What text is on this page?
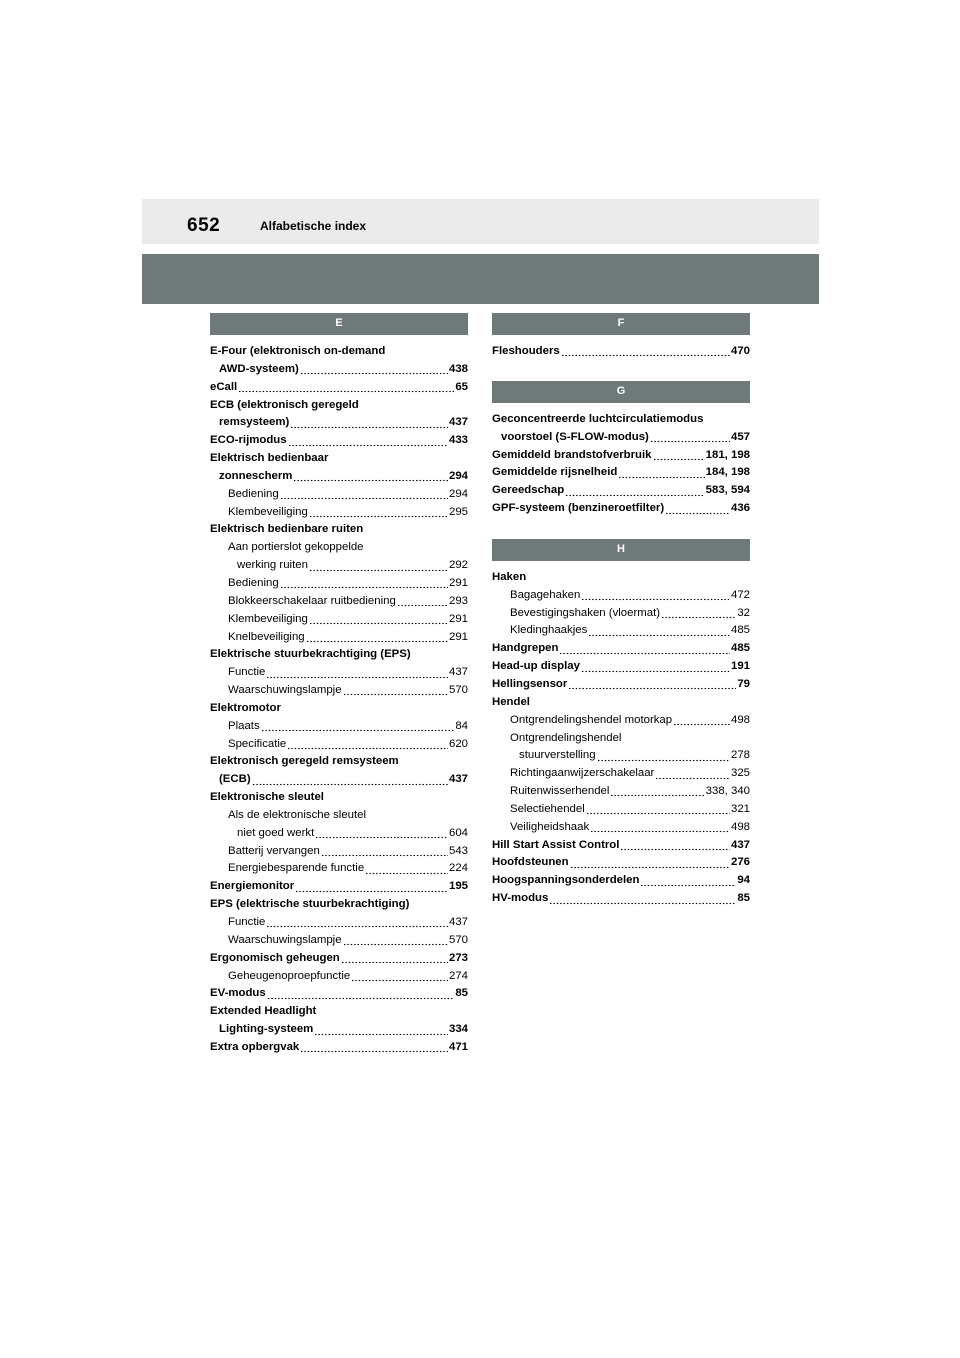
652	Alfabetische index
E
E-Four (elektronisch on-demand
AWD-systeem)	438
eCall	65
ECB (elektronisch geregeld
remsysteem)	437
ECO-rijmodus	433
Elektrisch bedienbaar
zonnescherm	294
Bediening	294
Klembeveiliging	295
Elektrisch bedienbare ruiten
Aan portierslot gekoppelde
werking ruiten	292
Bediening	291
Blokkeerschakelaar ruitbediening	293
Klembeveiliging	291
Knelbeveiliging	291
Elektrische stuurbekrachtiging (EPS)
Functie	437
Waarschuwingslampje	570
Elektromotor
Plaats	84
Specificatie	620
Elektronisch geregeld remsysteem
(ECB)	437
Elektronische sleutel
Als de elektronische sleutel
niet goed werkt	604
Batterij vervangen	543
Energiebesparende functie	224
Energiemonitor	195
EPS (elektrische stuurbekrachtiging)
Functie	437
Waarschuwingslampje	570
Ergonomisch geheugen	273
Geheugenoproepfunctie	274
EV-modus	85
Extended Headlight
Lighting-systeem	334
Extra opbergvak	471
F
Fleshouders	470
G
Geconcentreerde luchtcirculatiemodus
voorstoel (S-FLOW-modus)	457
Gemiddeld brandstofverbruik	181, 198
Gemiddelde rijsnelheid	184, 198
Gereedschap	583, 594
GPF-systeem (benzineroetfilter)	436
H
Haken
Bagagehaken	472
Bevestigingshaken (vloermat)	32
Kledinghaakjes	485
Handgrepen	485
Head-up display	191
Hellingsensor	79
Hendel
Ontgrendelingshendel motorkap	498
Ontgrendelingshendel
stuurverstelling	278
Richtingaanwijzerschakelaar	325
Ruitenwisserhendel	338, 340
Selectiehendel	321
Veiligheidshaak	498
Hill Start Assist Control	437
Hoofdsteunen	276
Hoogspanningsonderdelen	94
HV-modus	85
